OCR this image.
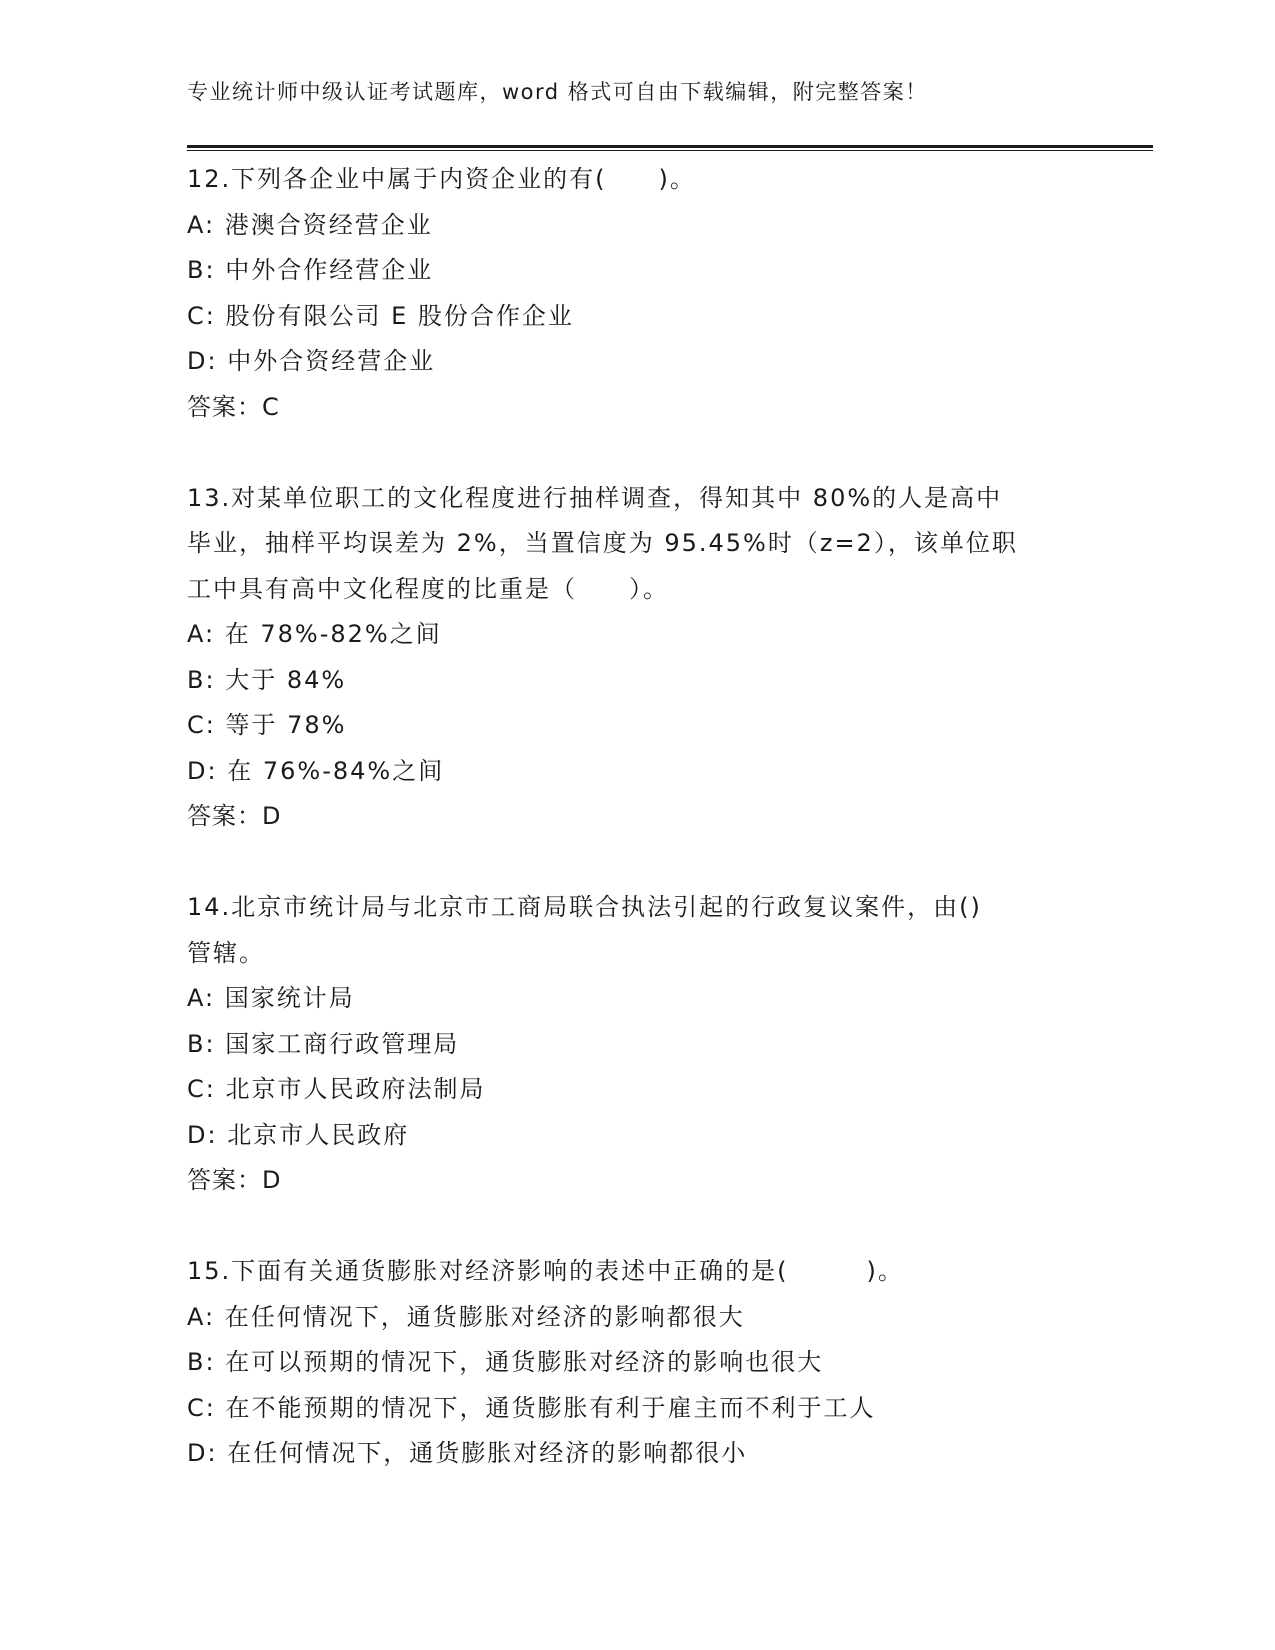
专业统计师中级认证考试题库，word 格式可自由下载编辑，附完整答案！
12.下列各企业中属于内资企业的有(　　)。
A: 港澳合资经营企业
B: 中外合作经营企业
C: 股份有限公司 E 股份合作企业
D: 中外合资经营企业
答案：C
13.对某单位职工的文化程度进行抽样调查，得知其中 80%的人是高中
毕业，抽样平均误差为 2%，当置信度为 95.45%时（z=2），该单位职
工中具有高中文化程度的比重是（　　）。
A: 在 78%-82%之间
B: 大于 84%
C: 等于 78%
D: 在 76%-84%之间
答案：D
14.北京市统计局与北京市工商局联合执法引起的行政复议案件，由()
管辖。
A: 国家统计局
B: 国家工商行政管理局
C: 北京市人民政府法制局
D: 北京市人民政府
答案：D
15.下面有关通货膨胀对经济影响的表述中正确的是(　　　)。
A: 在任何情况下，通货膨胀对经济的影响都很大
B: 在可以预期的情况下，通货膨胀对经济的影响也很大
C: 在不能预期的情况下，通货膨胀有利于雇主而不利于工人
D: 在任何情况下，通货膨胀对经济的影响都很小
